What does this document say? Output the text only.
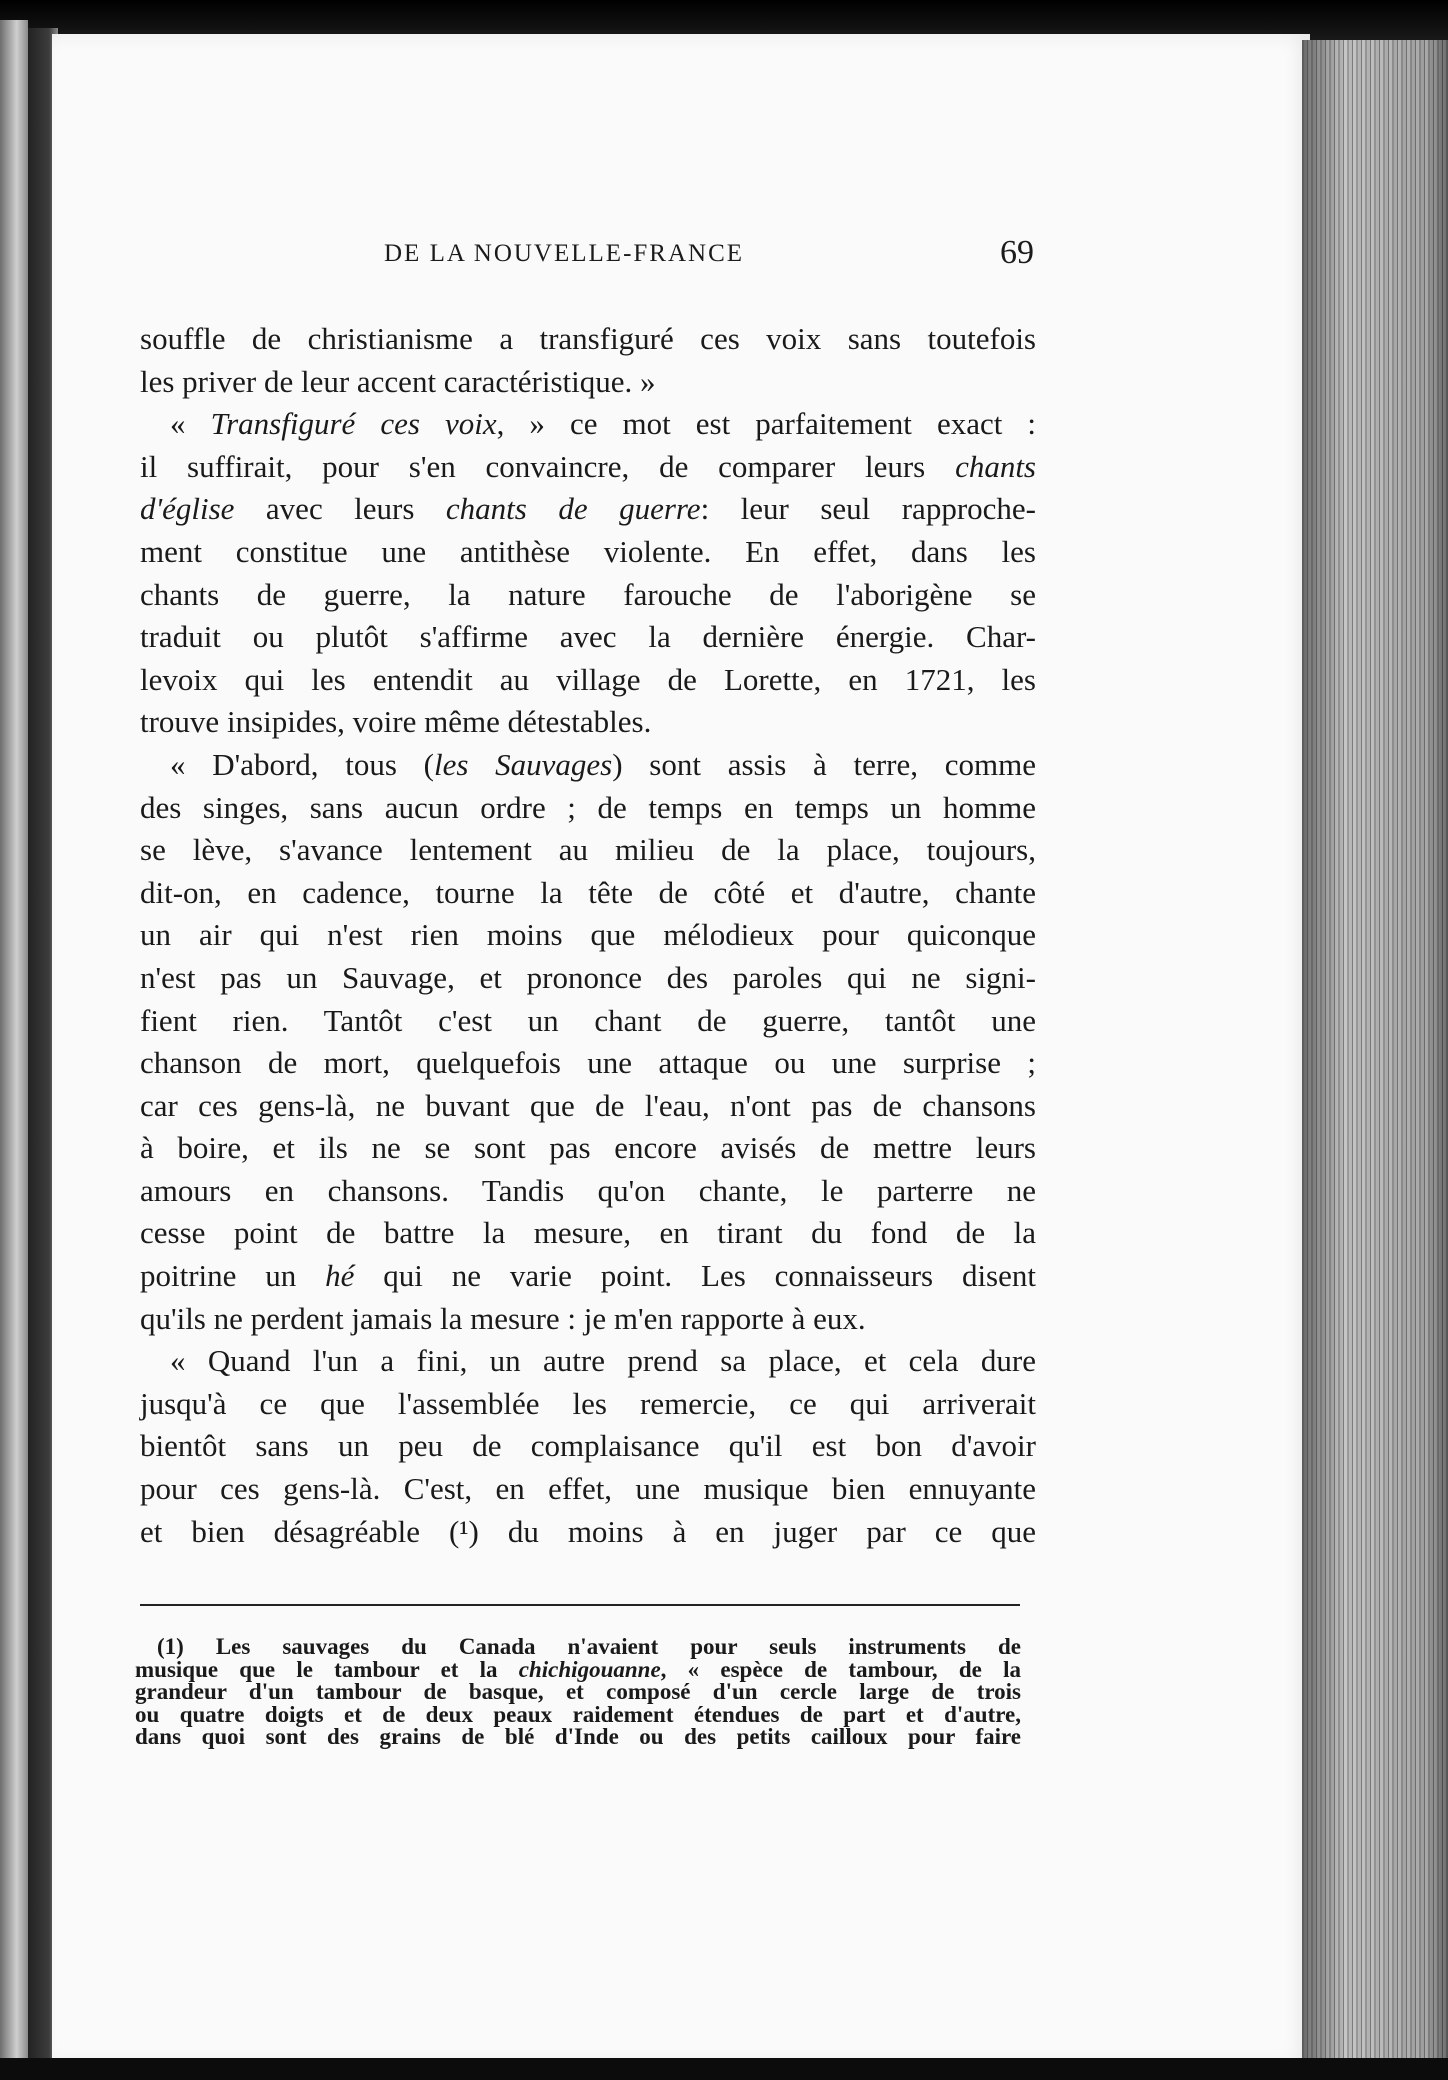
DE LA NOUVELLE-FRANCE	69
souffle de christianisme a transfiguré ces voix sans toutefois
les priver de leur accent caractéristique. »
« Transfiguré ces voix, » ce mot est parfaitement exact :
il suffirait, pour s'en convaincre, de comparer leurs chants
d'église avec leurs chants de guerre: leur seul rapproche-
ment constitue une antithèse violente. En effet, dans les
chants de guerre, la nature farouche de l'aborigène se
traduit ou plutôt s'affirme avec la dernière énergie. Char-
levoix qui les entendit au village de Lorette, en 1721, les
trouve insipides, voire même détestables.
« D'abord, tous (les Sauvages) sont assis à terre, comme
des singes, sans aucun ordre ; de temps en temps un homme
se lève, s'avance lentement au milieu de la place, toujours,
dit-on, en cadence, tourne la tête de côté et d'autre, chante
un air qui n'est rien moins que mélodieux pour quiconque
n'est pas un Sauvage, et prononce des paroles qui ne signi-
fient rien. Tantôt c'est un chant de guerre, tantôt une
chanson de mort, quelquefois une attaque ou une surprise ;
car ces gens-là, ne buvant que de l'eau, n'ont pas de chansons
à boire, et ils ne se sont pas encore avisés de mettre leurs
amours en chansons. Tandis qu'on chante, le parterre ne
cesse point de battre la mesure, en tirant du fond de la
poitrine un hé qui ne varie point. Les connaisseurs disent
qu'ils ne perdent jamais la mesure : je m'en rapporte à eux.
« Quand l'un a fini, un autre prend sa place, et cela dure
jusqu'à ce que l'assemblée les remercie, ce qui arriverait
bientôt sans un peu de complaisance qu'il est bon d'avoir
pour ces gens-là. C'est, en effet, une musique bien ennuyante
et bien désagréable (¹) du moins à en juger par ce que
(1) Les sauvages du Canada n'avaient pour seuls instruments de
musique que le tambour et la chichigouanne, « espèce de tambour, de la
grandeur d'un tambour de basque, et composé d'un cercle large de trois
ou quatre doigts et de deux peaux raidement étendues de part et d'autre,
dans quoi sont des grains de blé d'Inde ou des petits cailloux pour faire
